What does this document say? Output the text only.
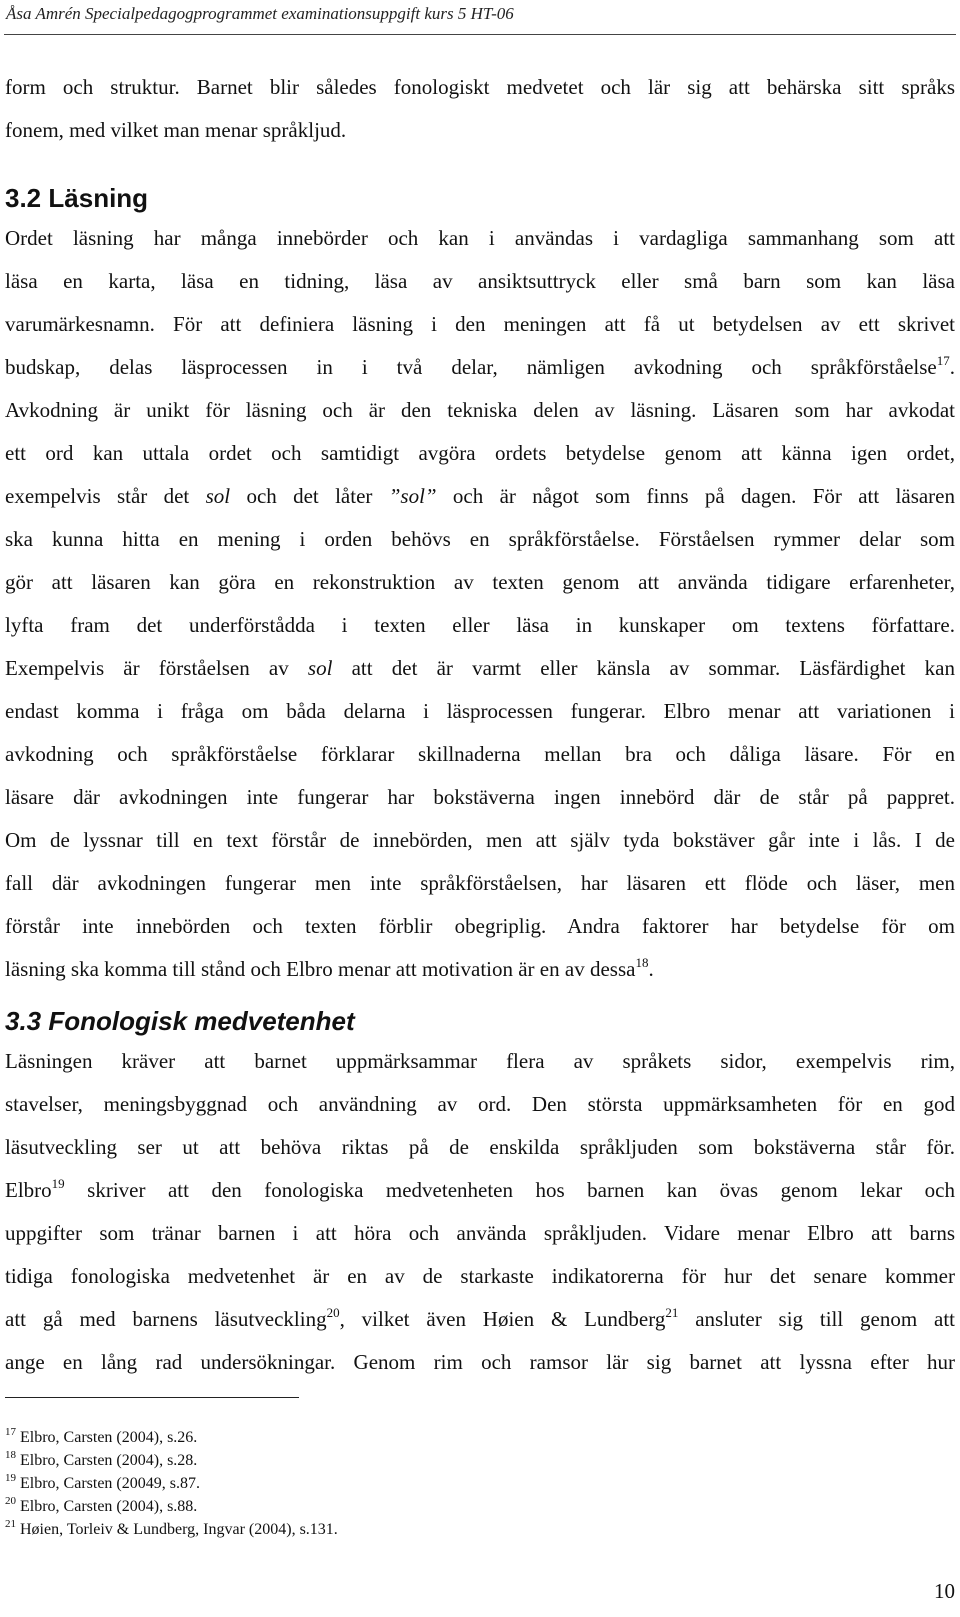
Åsa Amrén Specialpedagogprogrammet examinationsuppgift kurs 5 HT-06
form och struktur. Barnet blir således fonologiskt medvetet och lär sig att behärska sitt språks
fonem, med vilket man menar språkljud.
3.2 Läsning
Ordet läsning har många innebörder och kan i användas i vardagliga sammanhang som att
läsa en karta, läsa en tidning, läsa av ansiktsuttryck eller små barn som kan läsa
varumärkesnamn. För att definiera läsning i den meningen att få ut betydelsen av ett skrivet
budskap, delas läsprocessen in i två delar, nämligen avkodning och språkförståelse$^{17}$.
Avkodning är unikt för läsning och är den tekniska delen av läsning. Läsaren som har avkodat
ett ord kan uttala ordet och samtidigt avgöra ordets betydelse genom att känna igen ordet,
exempelvis står det sol och det låter ”sol” och är något som finns på dagen. För att läsaren
ska kunna hitta en mening i orden behövs en språkförståelse. Förståelsen rymmer delar som
gör att läsaren kan göra en rekonstruktion av texten genom att använda tidigare erfarenheter,
lyfta fram det underförstådda i texten eller läsa in kunskaper om textens författare.
Exempelvis är förståelsen av sol att det är varmt eller känsla av sommar. Läsfärdighet kan
endast komma i fråga om båda delarna i läsprocessen fungerar. Elbro menar att variationen i
avkodning och språkförståelse förklarar skillnaderna mellan bra och dåliga läsare. För en
läsare där avkodningen inte fungerar har bokstäverna ingen innebörd där de står på pappret.
Om de lyssnar till en text förstår de innebörden, men att själv tyda bokstäver går inte i lås. I de
fall där avkodningen fungerar men inte språkförståelsen, har läsaren ett flöde och läser, men
förstår inte innebörden och texten förblir obegriplig. Andra faktorer har betydelse för om
läsning ska komma till stånd och Elbro menar att motivation är en av dessa$^{18}$.
3.3 Fonologisk medvetenhet
Läsningen kräver att barnet uppmärksammar flera av språkets sidor, exempelvis rim,
stavelser, meningsbyggnad och användning av ord. Den största uppmärksamheten för en god
läsutveckling ser ut att behöva riktas på de enskilda språkljuden som bokstäverna står för.
Elbro$^{19}$ skriver att den fonologiska medvetenheten hos barnen kan övas genom lekar och
uppgifter som tränar barnen i att höra och använda språkljuden. Vidare menar Elbro att barns
tidiga fonologiska medvetenhet är en av de starkaste indikatorerna för hur det senare kommer
att gå med barnens läsutveckling$^{20}$, vilket även Høien & Lundberg$^{21}$ ansluter sig till genom att
ange en lång rad undersökningar. Genom rim och ramsor lär sig barnet att lyssna efter hur
$^{17}$ Elbro, Carsten (2004), s.26.
$^{18}$ Elbro, Carsten (2004), s.28.
$^{19}$ Elbro, Carsten (20049, s.87.
$^{20}$ Elbro, Carsten (2004), s.88.
$^{21}$ Høien, Torleiv & Lundberg, Ingvar (2004), s.131.
10
